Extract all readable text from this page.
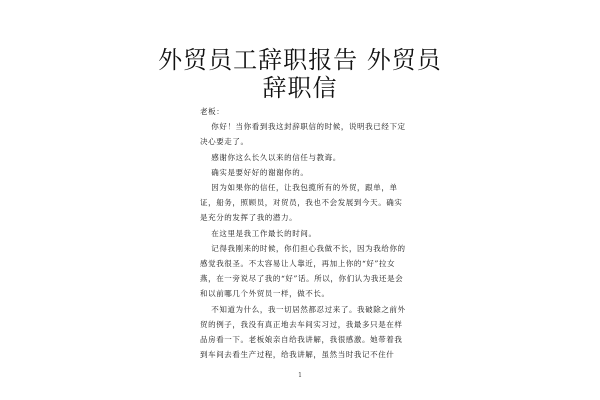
外贸员工辞职报告 外贸员
辞职信

老板：

你好！当你看到我这封辞职信的时候，说明我已经下定决心要走了。

感谢你这么长久以来的信任与教诲。

确实是要好好的谢谢你的。

因为如果你的信任，让我包揽所有的外贸，跟单，单证，船务，照顾员，对贸员，我也不会发展到今天。确实是充分的发挥了我的潜力。

在这里是我工作最长的时间。

记得我刚来的时候，你们担心我做不长，因为我给你的感觉我很圣。不太容易让人靠近，再加上你的“好”拉女燕，在一旁说尽了我的“好”话。所以，你们认为我还是会和以前哪几个外贸员一样，做不长。

不知道为什么，我一切居然都忍过来了。我破除之前外贸的例子，我没有真正地去车间实习过，我最多只是在样品房看一下。老板娘亲自给我讲解，我很感激。她带着我到车间去看生产过程，给我讲解，虽然当时我记不住什

1
